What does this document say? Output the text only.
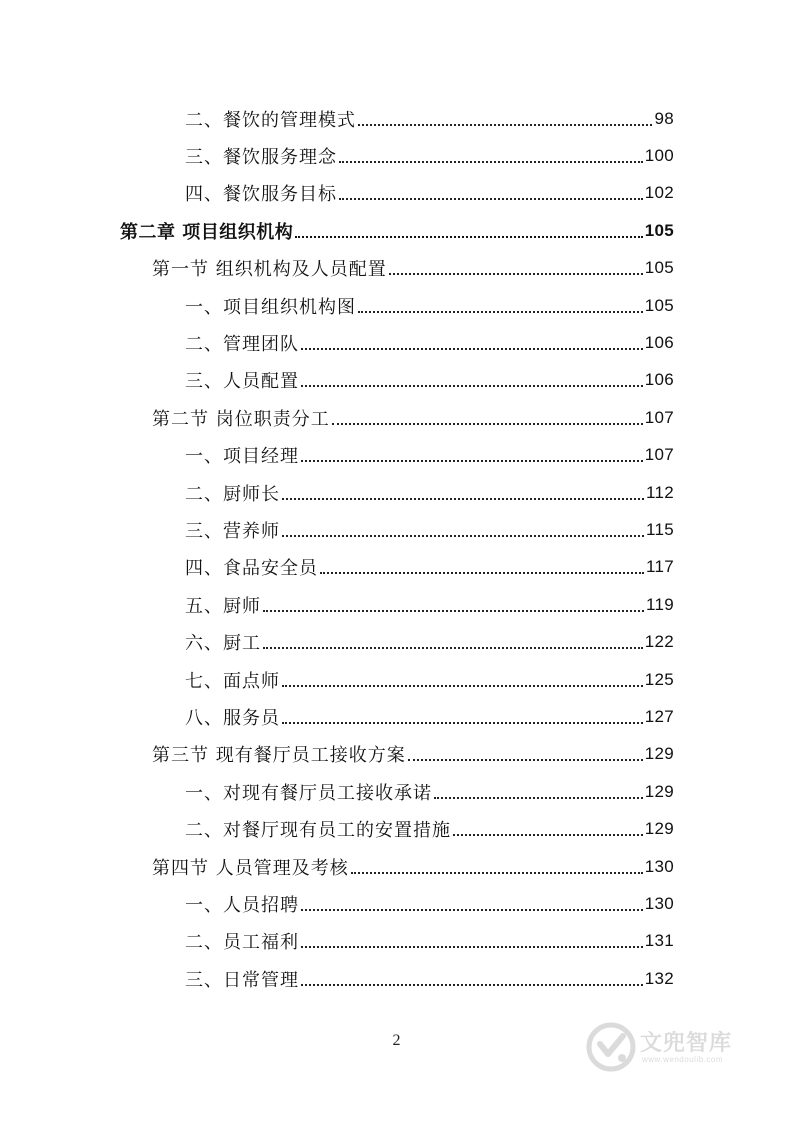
二、餐饮的管理模式	98
三、餐饮服务理念	100
四、餐饮服务目标	102
第二章 项目组织机构	105
第一节 组织机构及人员配置	105
一、项目组织机构图	105
二、管理团队	106
三、人员配置	106
第二节 岗位职责分工	107
一、项目经理	107
二、厨师长	112
三、营养师	115
四、食品安全员	117
五、厨师	119
六、厨工	122
七、面点师	125
八、服务员	127
第三节 现有餐厅员工接收方案	129
一、对现有餐厅员工接收承诺	129
二、对餐厅现有员工的安置措施	129
第四节 人员管理及考核	130
一、人员招聘	130
二、员工福利	131
三、日常管理	132
2	文兜智库
www.wendoulib.com
